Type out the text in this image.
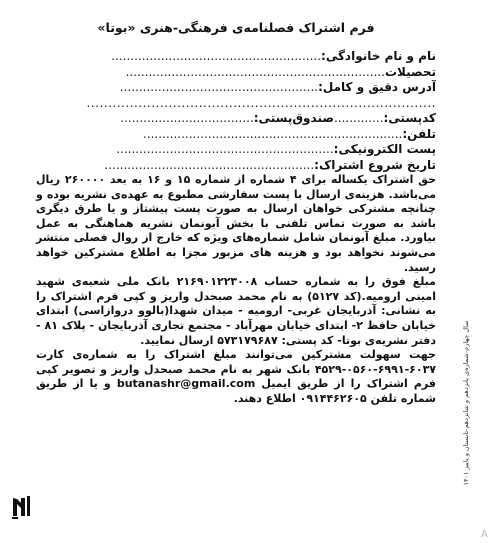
فرم اشتراک فصلنامه‌ی فرهنگی-هنری «بوتا»
نام و نام خانوادگی:.......................................................
تحصیلات....................................................................
آدرس دقیق و کامل:....................................................
.................................................................................
کدپستی:.............صندوق‌پستی:...................................
تلفن:....................................................................
پست الکترونیکی:.........................................................
تاریخ شروع اشتراک:.......................................................

حق اشتراک یکساله برای ۴ شماره از شماره ۱۵ و ۱۶ به بعد ۲۶۰۰۰۰ ریال می‌باشد. هزینه‌ی ارسال با پست سفارشی مطبوع به عهده‌ی نشریه بوده و چنانچه مشترکی خواهان ارسال به صورت پست پیشتاز و یا طرق دیگری باشد به صورت تماس تلفنی با بخش آبونمان نشریه هماهنگی به عمل بیاورد. مبلغ آبونمان شامل شماره‌های ویژه که خارج از روال فصلی منتشر می‌شوند نخواهد بود و هزینه های مزبور مجزا به اطلاع مشترکین خواهد رسید.

مبلغ فوق را به شماره حساب ۲۱۶۹۰۱۲۲۳۰۰۸ بانک ملی شعبه‌ی شهید امینی ارومیه.(کد ۵۱۲۷) به نام محمد صبحدل واریز و کپی فرم اشتراک را به نشانی: آذربایجان غربی- ارومیه - میدان شهدا(بالوو دروازاسی) ابتدای خیابان حافظ ۲- ابتدای خیابان مهرآباد - مجتمع تجاری آذربایجان - پلاک ۸۱ - دفتر نشریه‌ی بوتا- کد پستی: ۵۷۳۱۷۹۶۸۷ ارسال نمایید.

جهت سهولت مشترکین می‌توانند مبلغ اشتراک را به شماره‌ی کارت ۶۰۳۷-۶۹۹۱-۰۵۶۰-۴۵۲۹ بانک شهر به نام محمد صبحدل واریز و تصویر کپی فرم اشتراک را از طریق ایمیل butanashr@gmail.com و یا از طریق شماره تلفن ۰۹۱۴۴۶۲۶۰۵ اطلاع دهند.

سال چهارم-شماره‌ی پانزدهم و شانزدهم-تابستان و پاییز ۱۴۰۱
A
